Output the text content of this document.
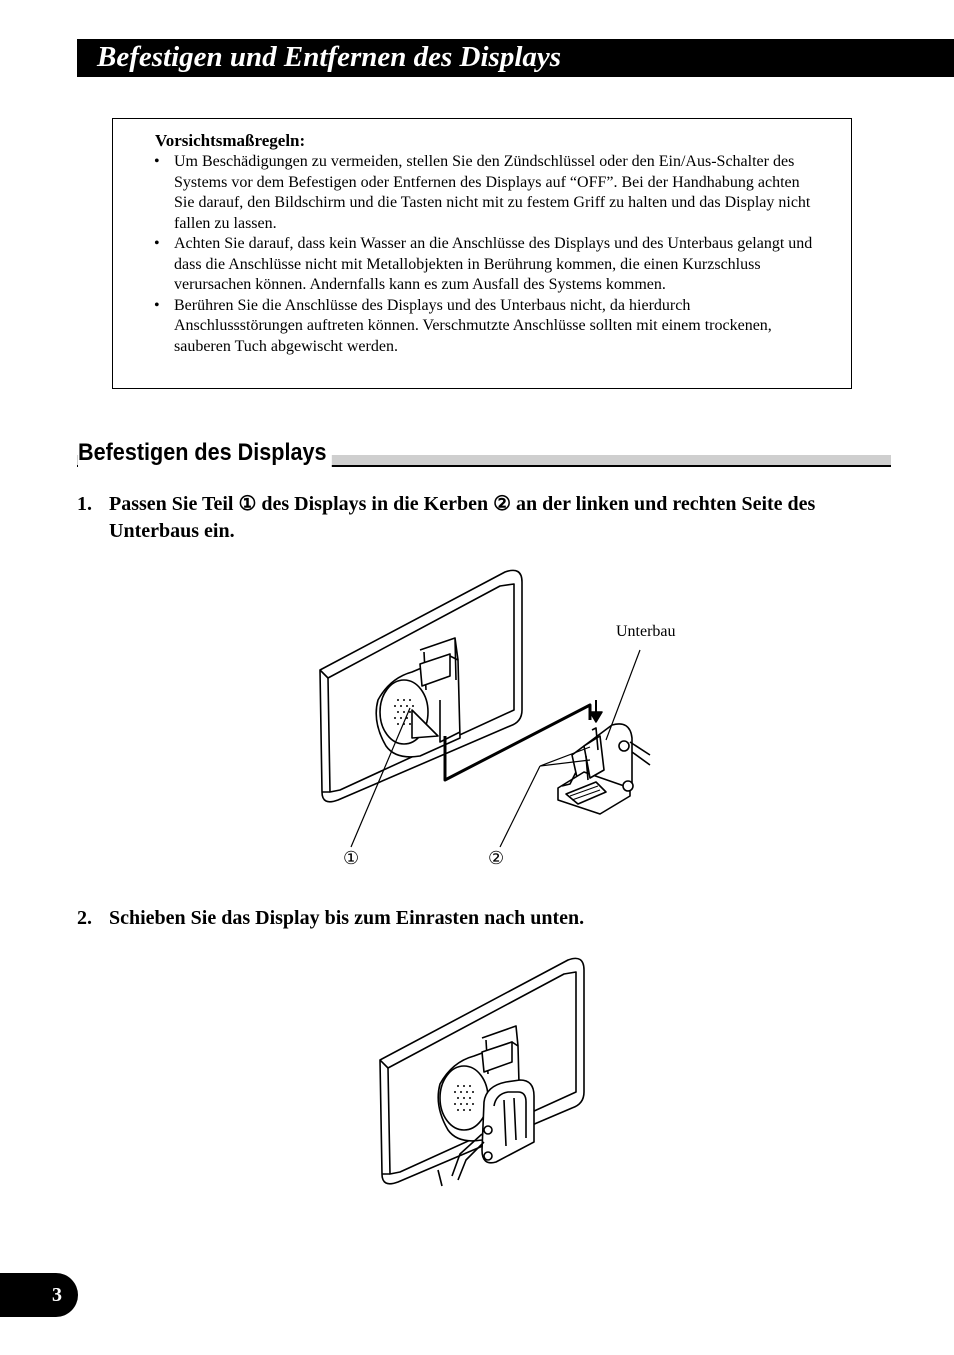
Befestigen und Entfernen des Displays
Vorsichtsmaßregeln:
• Um Beschädigungen zu vermeiden, stellen Sie den Zündschlüssel oder den Ein/Aus-Schalter des Systems vor dem Befestigen oder Entfernen des Displays auf “OFF”. Bei der Handhabung achten Sie darauf, den Bildschirm und die Tasten nicht mit zu festem Griff zu halten und das Display nicht fallen zu lassen.
• Achten Sie darauf, dass kein Wasser an die Anschlüsse des Displays und des Unterbaus gelangt und dass die Anschlüsse nicht mit Metallobjekten in Berührung kommen, die einen Kurzschluss verursachen können. Andernfalls kann es zum Ausfall des Systems kommen.
• Berühren Sie die Anschlüsse des Displays und des Unterbaus nicht, da hierdurch Anschlussstörungen auftreten können. Verschmutzte Anschlüsse sollten mit einem trockenen, sauberen Tuch abgewischt werden.
Befestigen des Displays
1. Passen Sie Teil ① des Displays in die Kerben ② an der linken und rechten Seite des Unterbaus ein.
Unterbau
①	②
2. Schieben Sie das Display bis zum Einrasten nach unten.
3
